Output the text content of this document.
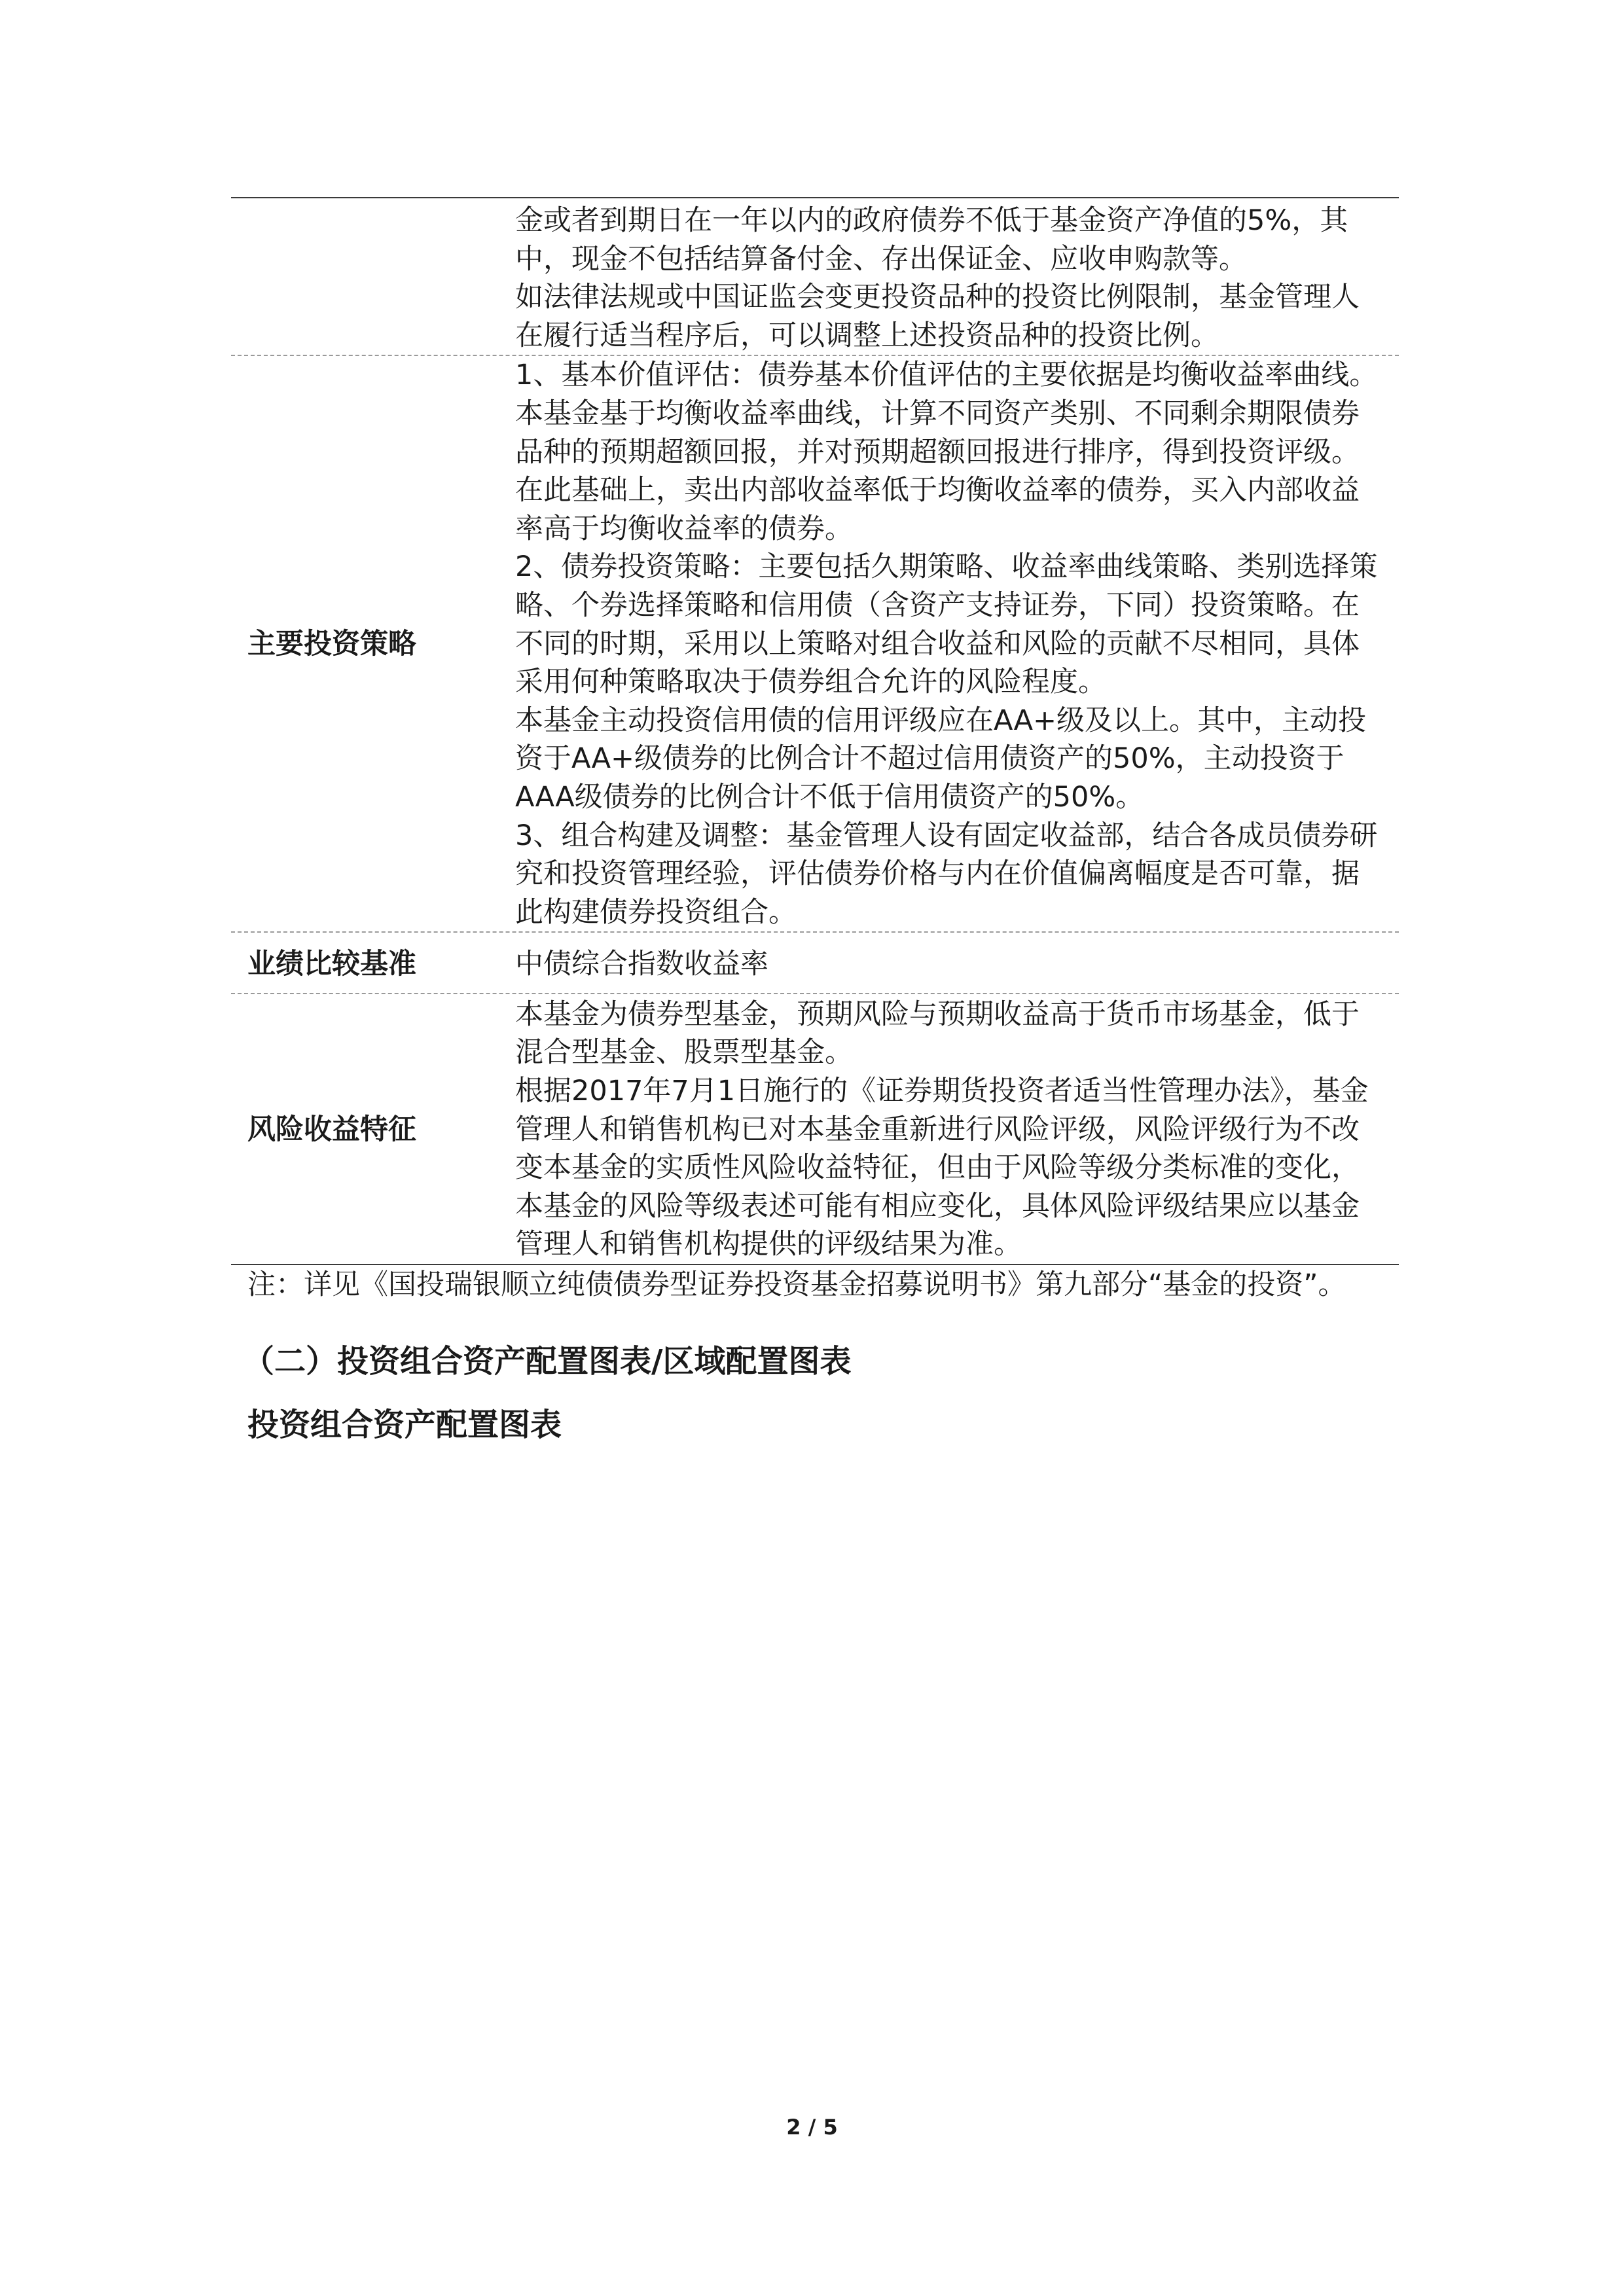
金或者到期日在一年以内的政府债券不低于基金资产净值的5%，其
中，现金不包括结算备付金、存出保证金、应收申购款等。
如法律法规或中国证监会变更投资品种的投资比例限制，基金管理人
在履行适当程序后，可以调整上述投资品种的投资比例。
主要投资策略
1、基本价值评估：债券基本价值评估的主要依据是均衡收益率曲线。
本基金基于均衡收益率曲线，计算不同资产类别、不同剩余期限债券
品种的预期超额回报，并对预期超额回报进行排序，得到投资评级。
在此基础上，卖出内部收益率低于均衡收益率的债券，买入内部收益
率高于均衡收益率的债券。
2、债券投资策略：主要包括久期策略、收益率曲线策略、类别选择策
略、个券选择策略和信用债（含资产支持证券，下同）投资策略。在
不同的时期，采用以上策略对组合收益和风险的贡献不尽相同，具体
采用何种策略取决于债券组合允许的风险程度。
本基金主动投资信用债的信用评级应在AA+级及以上。其中，主动投
资于AA+级债券的比例合计不超过信用债资产的50%，主动投资于
AAA级债券的比例合计不低于信用债资产的50%。
3、组合构建及调整：基金管理人设有固定收益部，结合各成员债券研
究和投资管理经验，评估债券价格与内在价值偏离幅度是否可靠，据
此构建债券投资组合。
业绩比较基准	中债综合指数收益率
风险收益特征
本基金为债券型基金，预期风险与预期收益高于货币市场基金，低于
混合型基金、股票型基金。
根据2017年7月1日施行的《证券期货投资者适当性管理办法》，基金
管理人和销售机构已对本基金重新进行风险评级，风险评级行为不改
变本基金的实质性风险收益特征，但由于风险等级分类标准的变化，
本基金的风险等级表述可能有相应变化，具体风险评级结果应以基金
管理人和销售机构提供的评级结果为准。
注：详见《国投瑞银顺立纯债债券型证券投资基金招募说明书》第九部分“基金的投资”。
（二）投资组合资产配置图表/区域配置图表
投资组合资产配置图表
2 / 5
